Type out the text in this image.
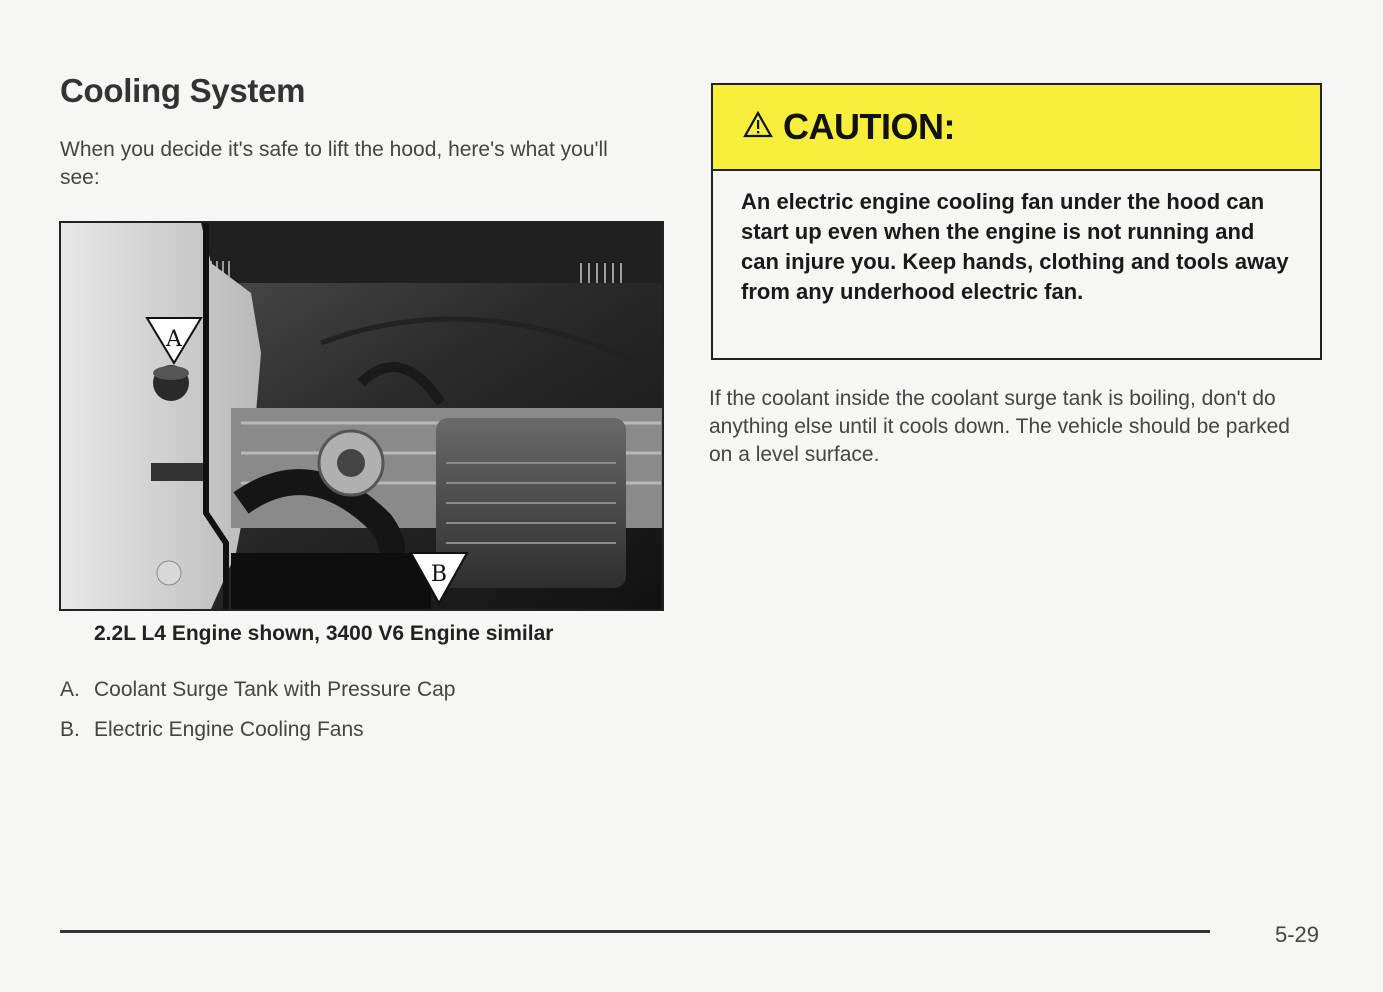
Cooling System
When you decide it's safe to lift the hood, here's what you'll see:
A
B
2.2L L4 Engine shown, 3400 V6 Engine similar
A. Coolant Surge Tank with Pressure Cap
B. Electric Engine Cooling Fans
CAUTION:
An electric engine cooling fan under the hood can start up even when the engine is not running and can injure you. Keep hands, clothing and tools away from any underhood electric fan.
If the coolant inside the coolant surge tank is boiling, don't do anything else until it cools down. The vehicle should be parked on a level surface.
5-29
